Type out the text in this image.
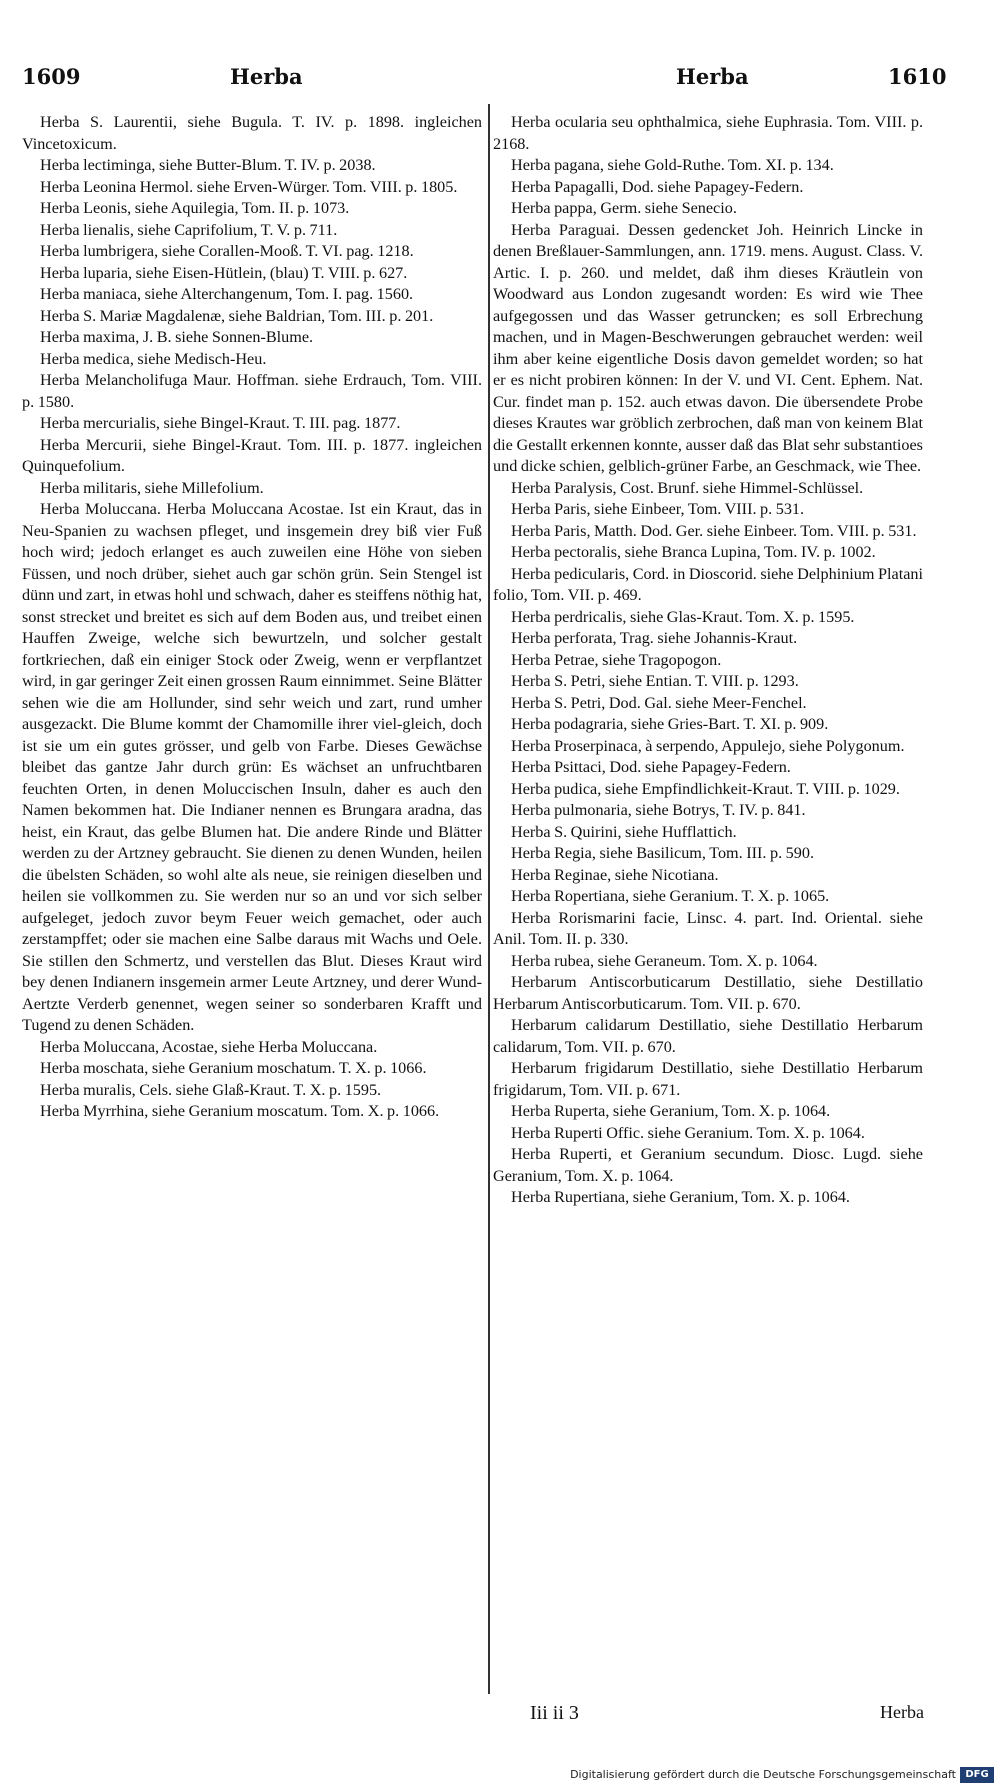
1609	Herba	Herba	1610

Herba S. Laurentii, siehe Bugula. T. IV. p. 1898. ingleichen Vincetoxicum.

Herba lectiminga, siehe Butter-Blum. T. IV. p. 2038.

Herba Leonina Hermol. siehe Erven-Würger. Tom. VIII. p. 1805.

Herba Leonis, siehe Aquilegia, Tom. II. p. 1073.

Herba lienalis, siehe Caprifolium, T. V. p. 711.

Herba lumbrigera, siehe Corallen-Mooß. T. VI. pag. 1218.

Herba luparia, siehe Eisen-Hütlein, (blau) T. VIII. p. 627.

Herba maniaca, siehe Alterchangenum, Tom. I. pag. 1560.

Herba S. Mariæ Magdalenæ, siehe Baldrian, Tom. III. p. 201.

Herba maxima, J. B. siehe Sonnen-Blume.

Herba medica, siehe Medisch-Heu.

Herba Melancholifuga Maur. Hoffman. siehe Erdrauch, Tom. VIII. p. 1580.

Herba mercurialis, siehe Bingel-Kraut. T. III. pag. 1877.

Herba Mercurii, siehe Bingel-Kraut. Tom. III. p. 1877. ingleichen Quinquefolium.

Herba militaris, siehe Millefolium.

Herba Moluccana. Herba Moluccana Acostae. Ist ein Kraut, das in Neu-Spanien zu wachsen pfleget, und insgemein drey biß vier Fuß hoch wird; jedoch erlanget es auch zuweilen eine Höhe von sieben Füssen, und noch drüber, siehet auch gar schön grün. Sein Stengel ist dünn und zart, in etwas hohl und schwach, daher es steiffens nöthig hat, sonst strecket und breitet es sich auf dem Boden aus, und treibet einen Hauffen Zweige, welche sich bewurtzeln, und solcher gestalt fortkriechen, daß ein einiger Stock oder Zweig, wenn er verpflantzet wird, in gar geringer Zeit einen grossen Raum einnimmet. Seine Blätter sehen wie die am Hollunder, sind sehr weich und zart, rund umher ausgezackt. Die Blume kommt der Chamomille ihrer viel-gleich, doch ist sie um ein gutes grösser, und gelb von Farbe. Dieses Gewächse bleibet das gantze Jahr durch grün: Es wächset an unfruchtbaren feuchten Orten, in denen Moluccischen Insuln, daher es auch den Namen bekommen hat. Die Indianer nennen es Brungara aradna, das heist, ein Kraut, das gelbe Blumen hat. Die andere Rinde und Blätter werden zu der Artzney gebraucht. Sie dienen zu denen Wunden, heilen die übelsten Schäden, so wohl alte als neue, sie reinigen dieselben und heilen sie vollkommen zu. Sie werden nur so an und vor sich selber aufgeleget, jedoch zuvor beym Feuer weich gemachet, oder auch zerstampffet; oder sie machen eine Salbe daraus mit Wachs und Oele. Sie stillen den Schmertz, und verstellen das Blut. Dieses Kraut wird bey denen Indianern insgemein armer Leute Artzney, und derer Wund-Aertzte Verderb genennet, wegen seiner so sonderbaren Krafft und Tugend zu denen Schäden.

Herba Moluccana, Acostae, siehe Herba Moluccana.

Herba moschata, siehe Geranium moschatum. T. X. p. 1066.

Herba muralis, Cels. siehe Glaß-Kraut. T. X. p. 1595.

Herba Myrrhina, siehe Geranium moscatum. Tom. X. p. 1066.

Herba ocularia seu ophthalmica, siehe Euphrasia. Tom. VIII. p. 2168.

Herba pagana, siehe Gold-Ruthe. Tom. XI. p. 134.

Herba Papagalli, Dod. siehe Papagey-Federn.

Herba pappa, Germ. siehe Senecio.

Herba Paraguai. Dessen gedencket Joh. Heinrich Lincke in denen Breßlauer-Sammlungen, ann. 1719. mens. August. Class. V. Artic. I. p. 260. und meldet, daß ihm dieses Kräutlein von Woodward aus London zugesandt worden: Es wird wie Thee aufgegossen und das Wasser getruncken; es soll Erbrechung machen, und in Magen-Beschwerungen gebrauchet werden: weil ihm aber keine eigentliche Dosis davon gemeldet worden; so hat er es nicht probiren können: In der V. und VI. Cent. Ephem. Nat. Cur. findet man p. 152. auch etwas davon. Die übersendete Probe dieses Krautes war gröblich zerbrochen, daß man von keinem Blat die Gestallt erkennen konnte, ausser daß das Blat sehr substantioes und dicke schien, gelblich-grüner Farbe, an Geschmack, wie Thee.

Herba Paralysis, Cost. Brunf. siehe Himmel-Schlüssel.

Herba Paris, siehe Einbeer, Tom. VIII. p. 531.

Herba Paris, Matth. Dod. Ger. siehe Einbeer. Tom. VIII. p. 531.

Herba pectoralis, siehe Branca Lupina, Tom. IV. p. 1002.

Herba pedicularis, Cord. in Dioscorid. siehe Delphinium Platani folio, Tom. VII. p. 469.

Herba perdricalis, siehe Glas-Kraut. Tom. X. p. 1595.

Herba perforata, Trag. siehe Johannis-Kraut.

Herba Petrae, siehe Tragopogon.

Herba S. Petri, siehe Entian. T. VIII. p. 1293.

Herba S. Petri, Dod. Gal. siehe Meer-Fenchel.

Herba podagraria, siehe Gries-Bart. T. XI. p. 909.

Herba Proserpinaca, à serpendo, Appulejo, siehe Polygonum.

Herba Psittaci, Dod. siehe Papagey-Federn.

Herba pudica, siehe Empfindlichkeit-Kraut. T. VIII. p. 1029.

Herba pulmonaria, siehe Botrys, T. IV. p. 841.

Herba S. Quirini, siehe Hufflattich.

Herba Regia, siehe Basilicum, Tom. III. p. 590.

Herba Reginae, siehe Nicotiana.

Herba Ropertiana, siehe Geranium. T. X. p. 1065.

Herba Rorismarini facie, Linsc. 4. part. Ind. Oriental. siehe Anil. Tom. II. p. 330.

Herba rubea, siehe Geraneum. Tom. X. p. 1064.

Herbarum Antiscorbuticarum Destillatio, siehe Destillatio Herbarum Antiscorbuticarum. Tom. VII. p. 670.

Herbarum calidarum Destillatio, siehe Destillatio Herbarum calidarum, Tom. VII. p. 670.

Herbarum frigidarum Destillatio, siehe Destillatio Herbarum frigidarum, Tom. VII. p. 671.

Herba Ruperta, siehe Geranium, Tom. X. p. 1064.

Herba Ruperti Offic. siehe Geranium. Tom. X. p. 1064.

Herba Ruperti, et Geranium secundum. Diosc. Lugd. siehe Geranium, Tom. X. p. 1064.

Herba Rupertiana, siehe Geranium, Tom. X. p. 1064.

Iii ii 3	Herba
Digitalisierung gefördert durch die Deutsche Forschungsgemeinschaft DFG
